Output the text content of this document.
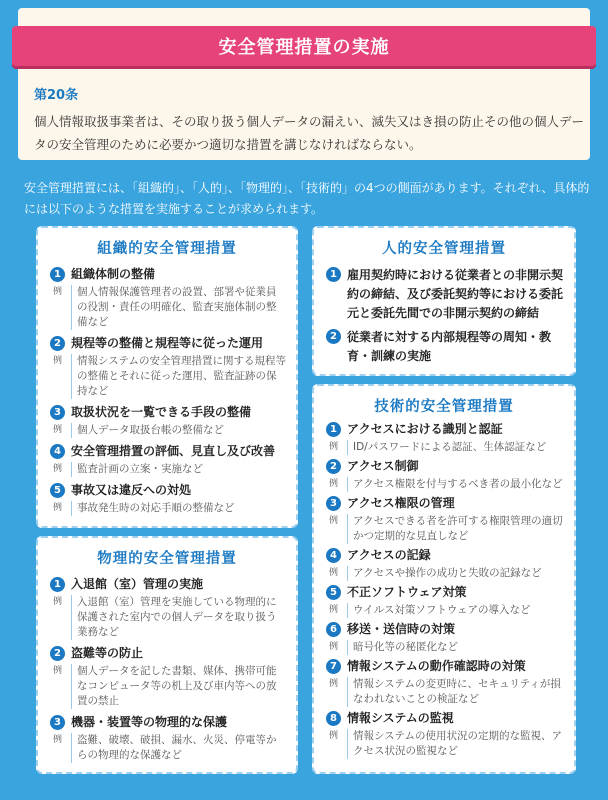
安全管理措置の実施
第20条
個人情報取扱事業者は、その取り扱う個人データの漏えい、滅失又はき損の防止その他の個人データの安全管理のために必要かつ適切な措置を講じなければならない。
安全管理措置には、「組織的」、「人的」、「物理的」、「技術的」の4つの側面があります。それぞれ、具体的には以下のような措置を実施することが求められます。
組織的安全管理措置
1 組織体制の整備
例	個人情報保護管理者の設置、部署や従業員の役割・責任の明確化、監査実施体制の整備など
2 規程等の整備と規程等に従った運用
例	情報システムの安全管理措置に関する規程等の整備とそれに従った運用、監査証跡の保持など
3 取扱状況を一覧できる手段の整備
例	個人データ取扱台帳の整備など
4 安全管理措置の評価、見直し及び改善
例	監査計画の立案・実施など
5 事故又は違反への対処
例	事故発生時の対応手順の整備など
物理的安全管理措置
1 入退館（室）管理の実施
例	入退館（室）管理を実施している物理的に保護された室内での個人データを取り扱う業務など
2 盗難等の防止
例	個人データを記した書類、媒体、携帯可能なコンピュータ等の机上及び車内等への放置の禁止
3 機器・装置等の物理的な保護
例	盗難、破壊、破損、漏水、火災、停電等からの物理的な保護など
人的安全管理措置
1 雇用契約時における従業者との非開示契約の締結、及び委託契約等における委託元と委託先間での非開示契約の締結
2 従業者に対する内部規程等の周知・教育・訓練の実施
技術的安全管理措置
1 アクセスにおける識別と認証
例	ID/パスワードによる認証、生体認証など
2 アクセス制御
例	アクセス権限を付与するべき者の最小化など
3 アクセス権限の管理
例	アクセスできる者を許可する権限管理の適切かつ定期的な見直しなど
4 アクセスの記録
例	アクセスや操作の成功と失敗の記録など
5 不正ソフトウェア対策
例	ウイルス対策ソフトウェアの導入など
6 移送・送信時の対策
例	暗号化等の秘匿化など
7 情報システムの動作確認時の対策
例	情報システムの変更時に、セキュリティが損なわれないことの検証など
8 情報システムの監視
例	情報システムの使用状況の定期的な監視、アクセス状況の監視など
